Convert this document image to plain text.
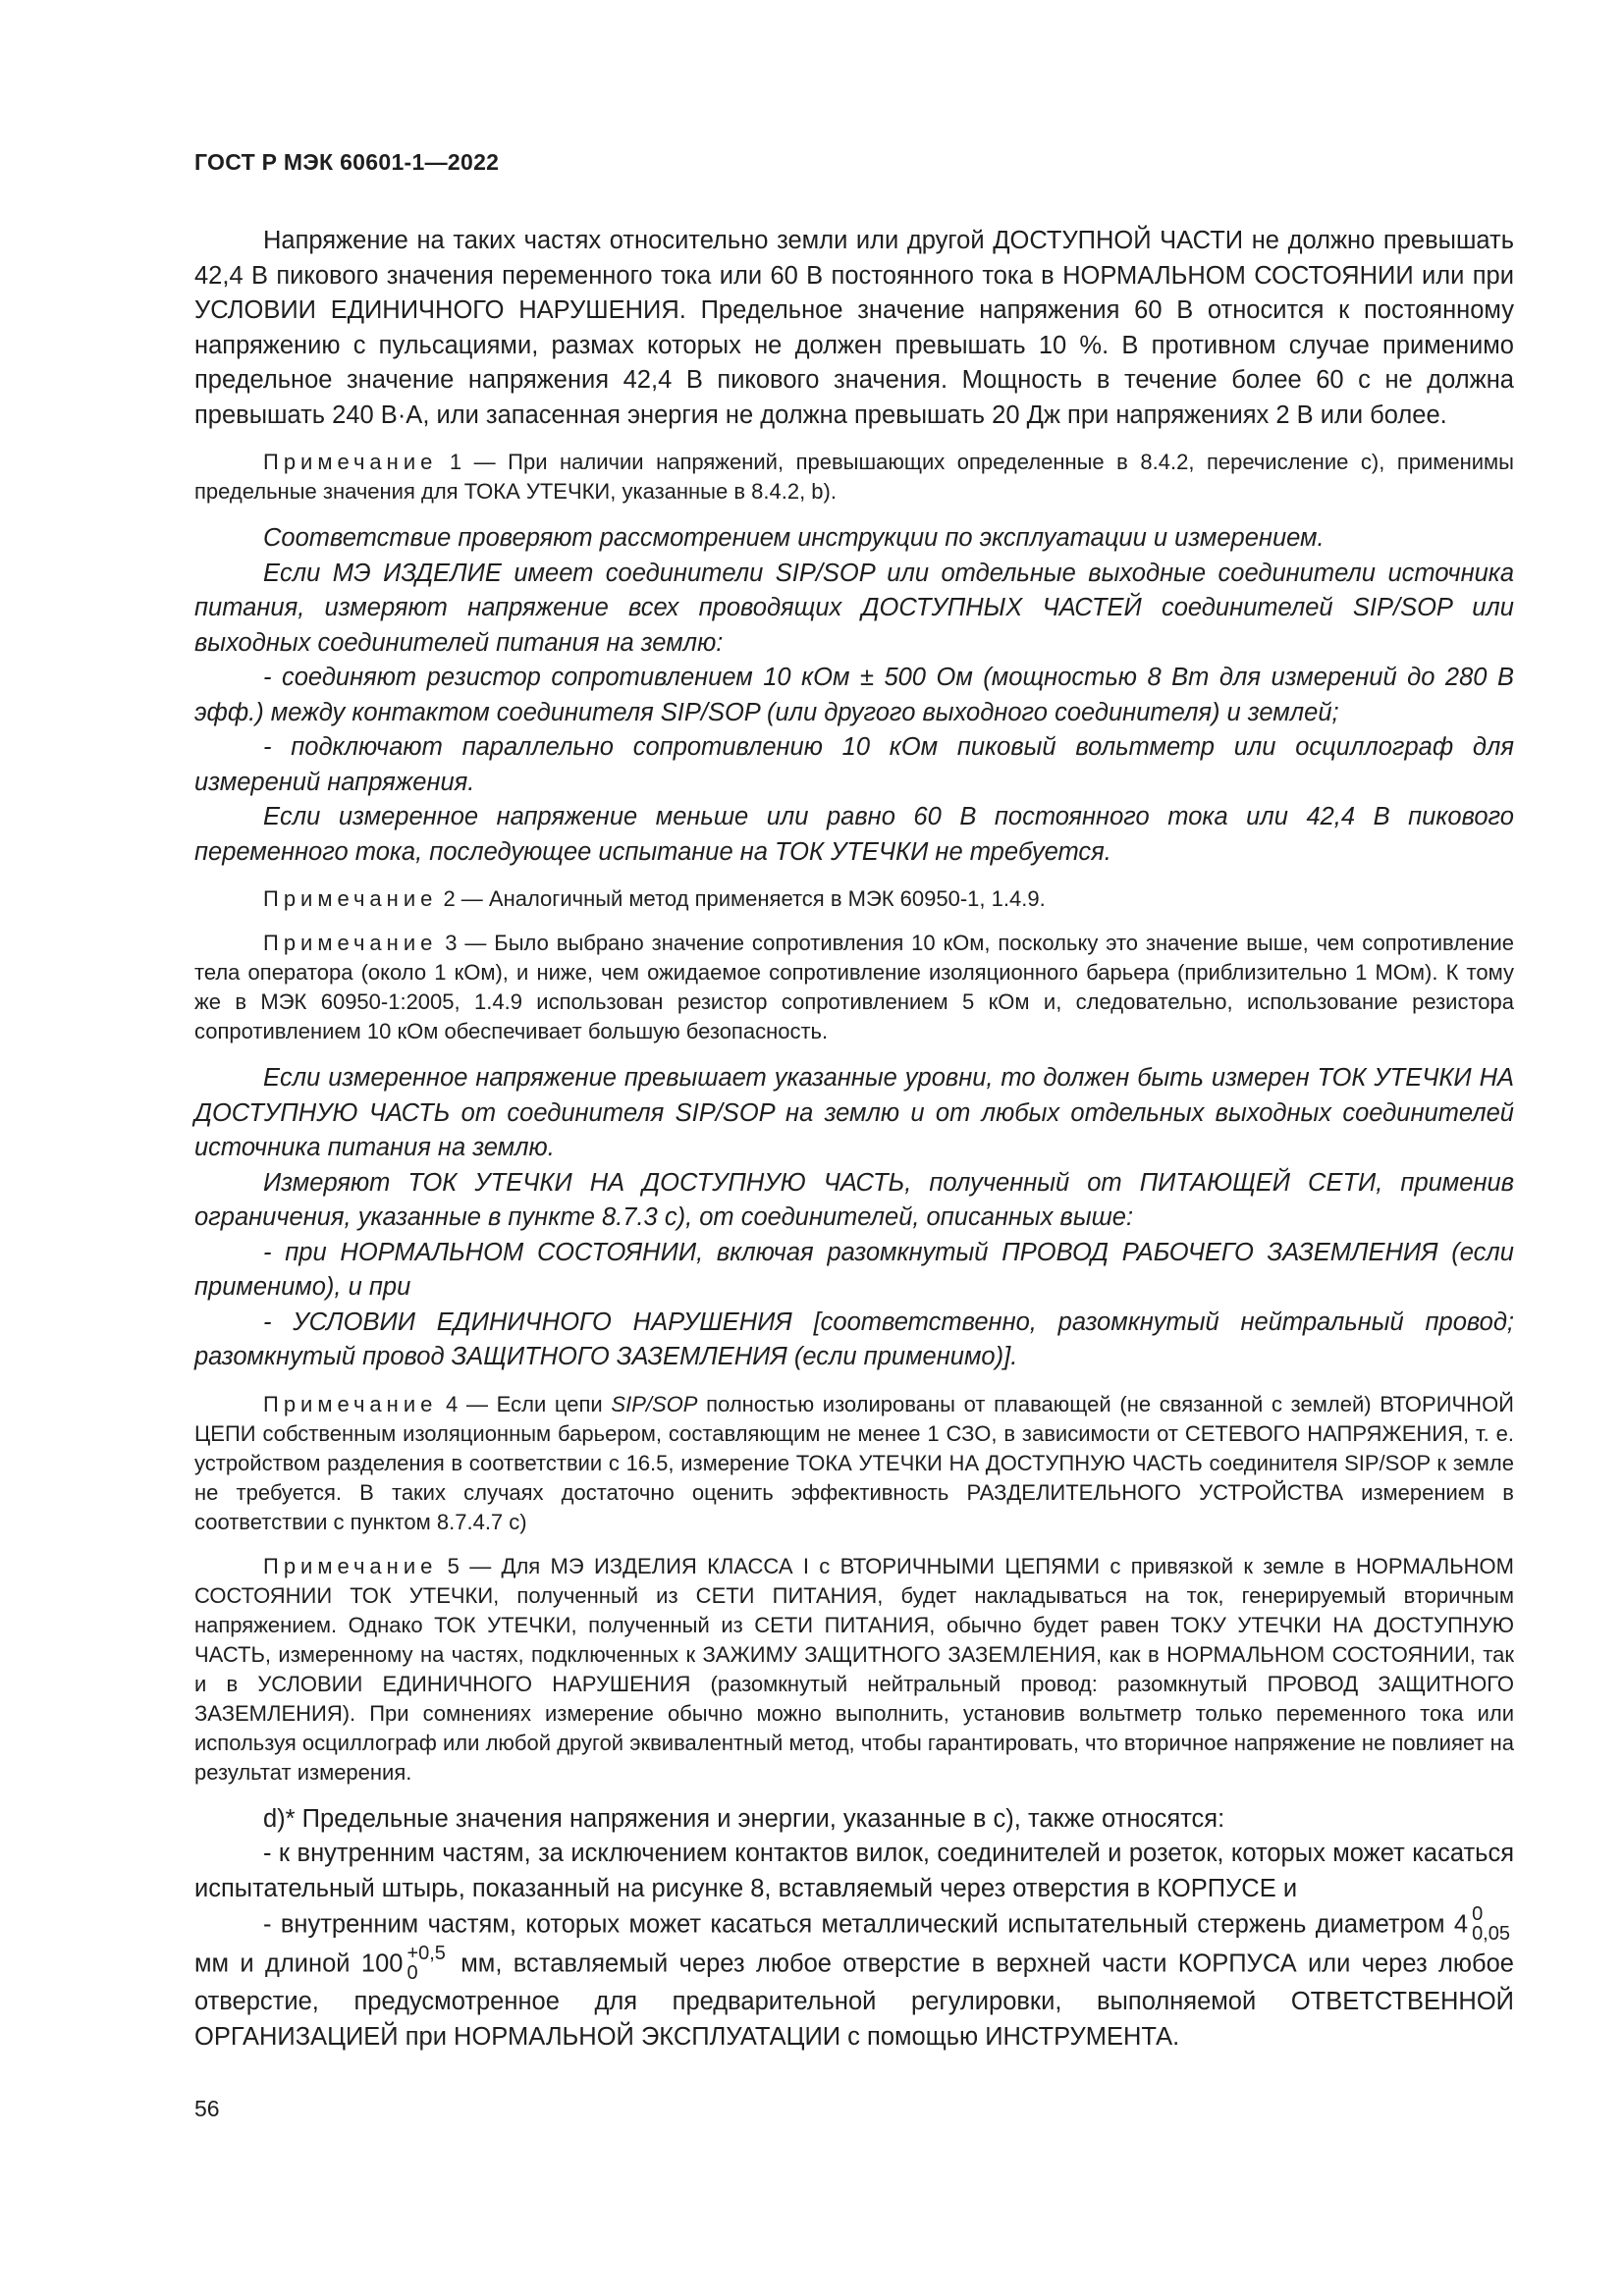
ГОСТ Р МЭК 60601-1—2022

Напряжение на таких частях относительно земли или другой ДОСТУПНОЙ ЧАСТИ не должно превышать 42,4 В пикового значения переменного тока или 60 В постоянного тока в НОРМАЛЬНОМ СОСТОЯНИИ или при УСЛОВИИ ЕДИНИЧНОГО НАРУШЕНИЯ. Предельное значение напряжения 60 В относится к постоянному напряжению с пульсациями, размах которых не должен превышать 10 %. В противном случае применимо предельное значение напряжения 42,4 В пикового значения. Мощность в течение более 60 с не должна превышать 240 В·А, или запасенная энергия не должна превышать 20 Дж при напряжениях 2 В или более.

Примечание 1 — При наличии напряжений, превышающих определенные в 8.4.2, перечисление с), применимы предельные значения для ТОКА УТЕЧКИ, указанные в 8.4.2, b).

Соответствие проверяют рассмотрением инструкции по эксплуатации и измерением.

Если МЭ ИЗДЕЛИЕ имеет соединители SIP/SOP или отдельные выходные соединители источника питания, измеряют напряжение всех проводящих ДОСТУПНЫХ ЧАСТЕЙ соединителей SIP/SOP или выходных соединителей питания на землю:

- соединяют резистор сопротивлением 10 кОм ± 500 Ом (мощностью 8 Вт для измерений до 280 В эфф.) между контактом соединителя SIP/SOP (или другого выходного соединителя) и землей;

- подключают параллельно сопротивлению 10 кОм пиковый вольтметр или осциллограф для измерений напряжения.

Если измеренное напряжение меньше или равно 60 В постоянного тока или 42,4 В пикового переменного тока, последующее испытание на ТОК УТЕЧКИ не требуется.

Примечание 2 — Аналогичный метод применяется в МЭК 60950-1, 1.4.9.

Примечание 3 — Было выбрано значение сопротивления 10 кОм, поскольку это значение выше, чем сопротивление тела оператора (около 1 кОм), и ниже, чем ожидаемое сопротивление изоляционного барьера (приблизительно 1 МОм). К тому же в МЭК 60950-1:2005, 1.4.9 использован резистор сопротивлением 5 кОм и, следовательно, использование резистора сопротивлением 10 кОм обеспечивает большую безопасность.

Если измеренное напряжение превышает указанные уровни, то должен быть измерен ТОК УТЕЧКИ НА ДОСТУПНУЮ ЧАСТЬ от соединителя SIP/SOP на землю и от любых отдельных выходных соединителей источника питания на землю.

Измеряют ТОК УТЕЧКИ НА ДОСТУПНУЮ ЧАСТЬ, полученный от ПИТАЮЩЕЙ СЕТИ, применив ограничения, указанные в пункте 8.7.3 с), от соединителей, описанных выше:

- при НОРМАЛЬНОМ СОСТОЯНИИ, включая разомкнутый ПРОВОД РАБОЧЕГО ЗАЗЕМЛЕНИЯ (если применимо), и при

- УСЛОВИИ ЕДИНИЧНОГО НАРУШЕНИЯ [соответственно, разомкнутый нейтральный провод; разомкнутый провод ЗАЩИТНОГО ЗАЗЕМЛЕНИЯ (если применимо)].

Примечание 4 — Если цепи SIP/SOP полностью изолированы от плавающей (не связанной с землей) ВТОРИЧНОЙ ЦЕПИ собственным изоляционным барьером, составляющим не менее 1 СЗО, в зависимости от СЕТЕВОГО НАПРЯЖЕНИЯ, т. е. устройством разделения в соответствии с 16.5, измерение ТОКА УТЕЧКИ НА ДОСТУПНУЮ ЧАСТЬ соединителя SIP/SOP к земле не требуется. В таких случаях достаточно оценить эффективность РАЗДЕЛИТЕЛЬНОГО УСТРОЙСТВА измерением в соответствии с пунктом 8.7.4.7 с)

Примечание 5 — Для МЭ ИЗДЕЛИЯ КЛАССА I с ВТОРИЧНЫМИ ЦЕПЯМИ с привязкой к земле в НОРМАЛЬНОМ СОСТОЯНИИ ТОК УТЕЧКИ, полученный из СЕТИ ПИТАНИЯ, будет накладываться на ток, генерируемый вторичным напряжением. Однако ТОК УТЕЧКИ, полученный из СЕТИ ПИТАНИЯ, обычно будет равен ТОКУ УТЕЧКИ НА ДОСТУПНУЮ ЧАСТЬ, измеренному на частях, подключенных к ЗАЖИМУ ЗАЩИТНОГО ЗАЗЕМЛЕНИЯ, как в НОРМАЛЬНОМ СОСТОЯНИИ, так и в УСЛОВИИ ЕДИНИЧНОГО НАРУШЕНИЯ (разомкнутый нейтральный провод: разомкнутый ПРОВОД ЗАЩИТНОГО ЗАЗЕМЛЕНИЯ). При сомнениях измерение обычно можно выполнить, установив вольтметр только переменного тока или используя осциллограф или любой другой эквивалентный метод, чтобы гарантировать, что вторичное напряжение не повлияет на результат измерения.

d)* Предельные значения напряжения и энергии, указанные в с), также относятся:

- к внутренним частям, за исключением контактов вилок, соединителей и розеток, которых может касаться испытательный штырь, показанный на рисунке 8, вставляемый через отверстия в КОРПУСЕ и

- внутренним частям, которых может касаться металлический испытательный стержень диаметром 4 0
0,05
мм и длиной 100 +0,5
0	мм, вставляемый через любое отверстие в верхней части КОРПУСА или через любое отверстие, предусмотренное для предварительной регулировки, выполняемой ОТВЕТСТВЕННОЙ ОРГАНИЗАЦИЕЙ при НОРМАЛЬНОЙ ЭКСПЛУАТАЦИИ с помощью ИНСТРУМЕНТА.

56
